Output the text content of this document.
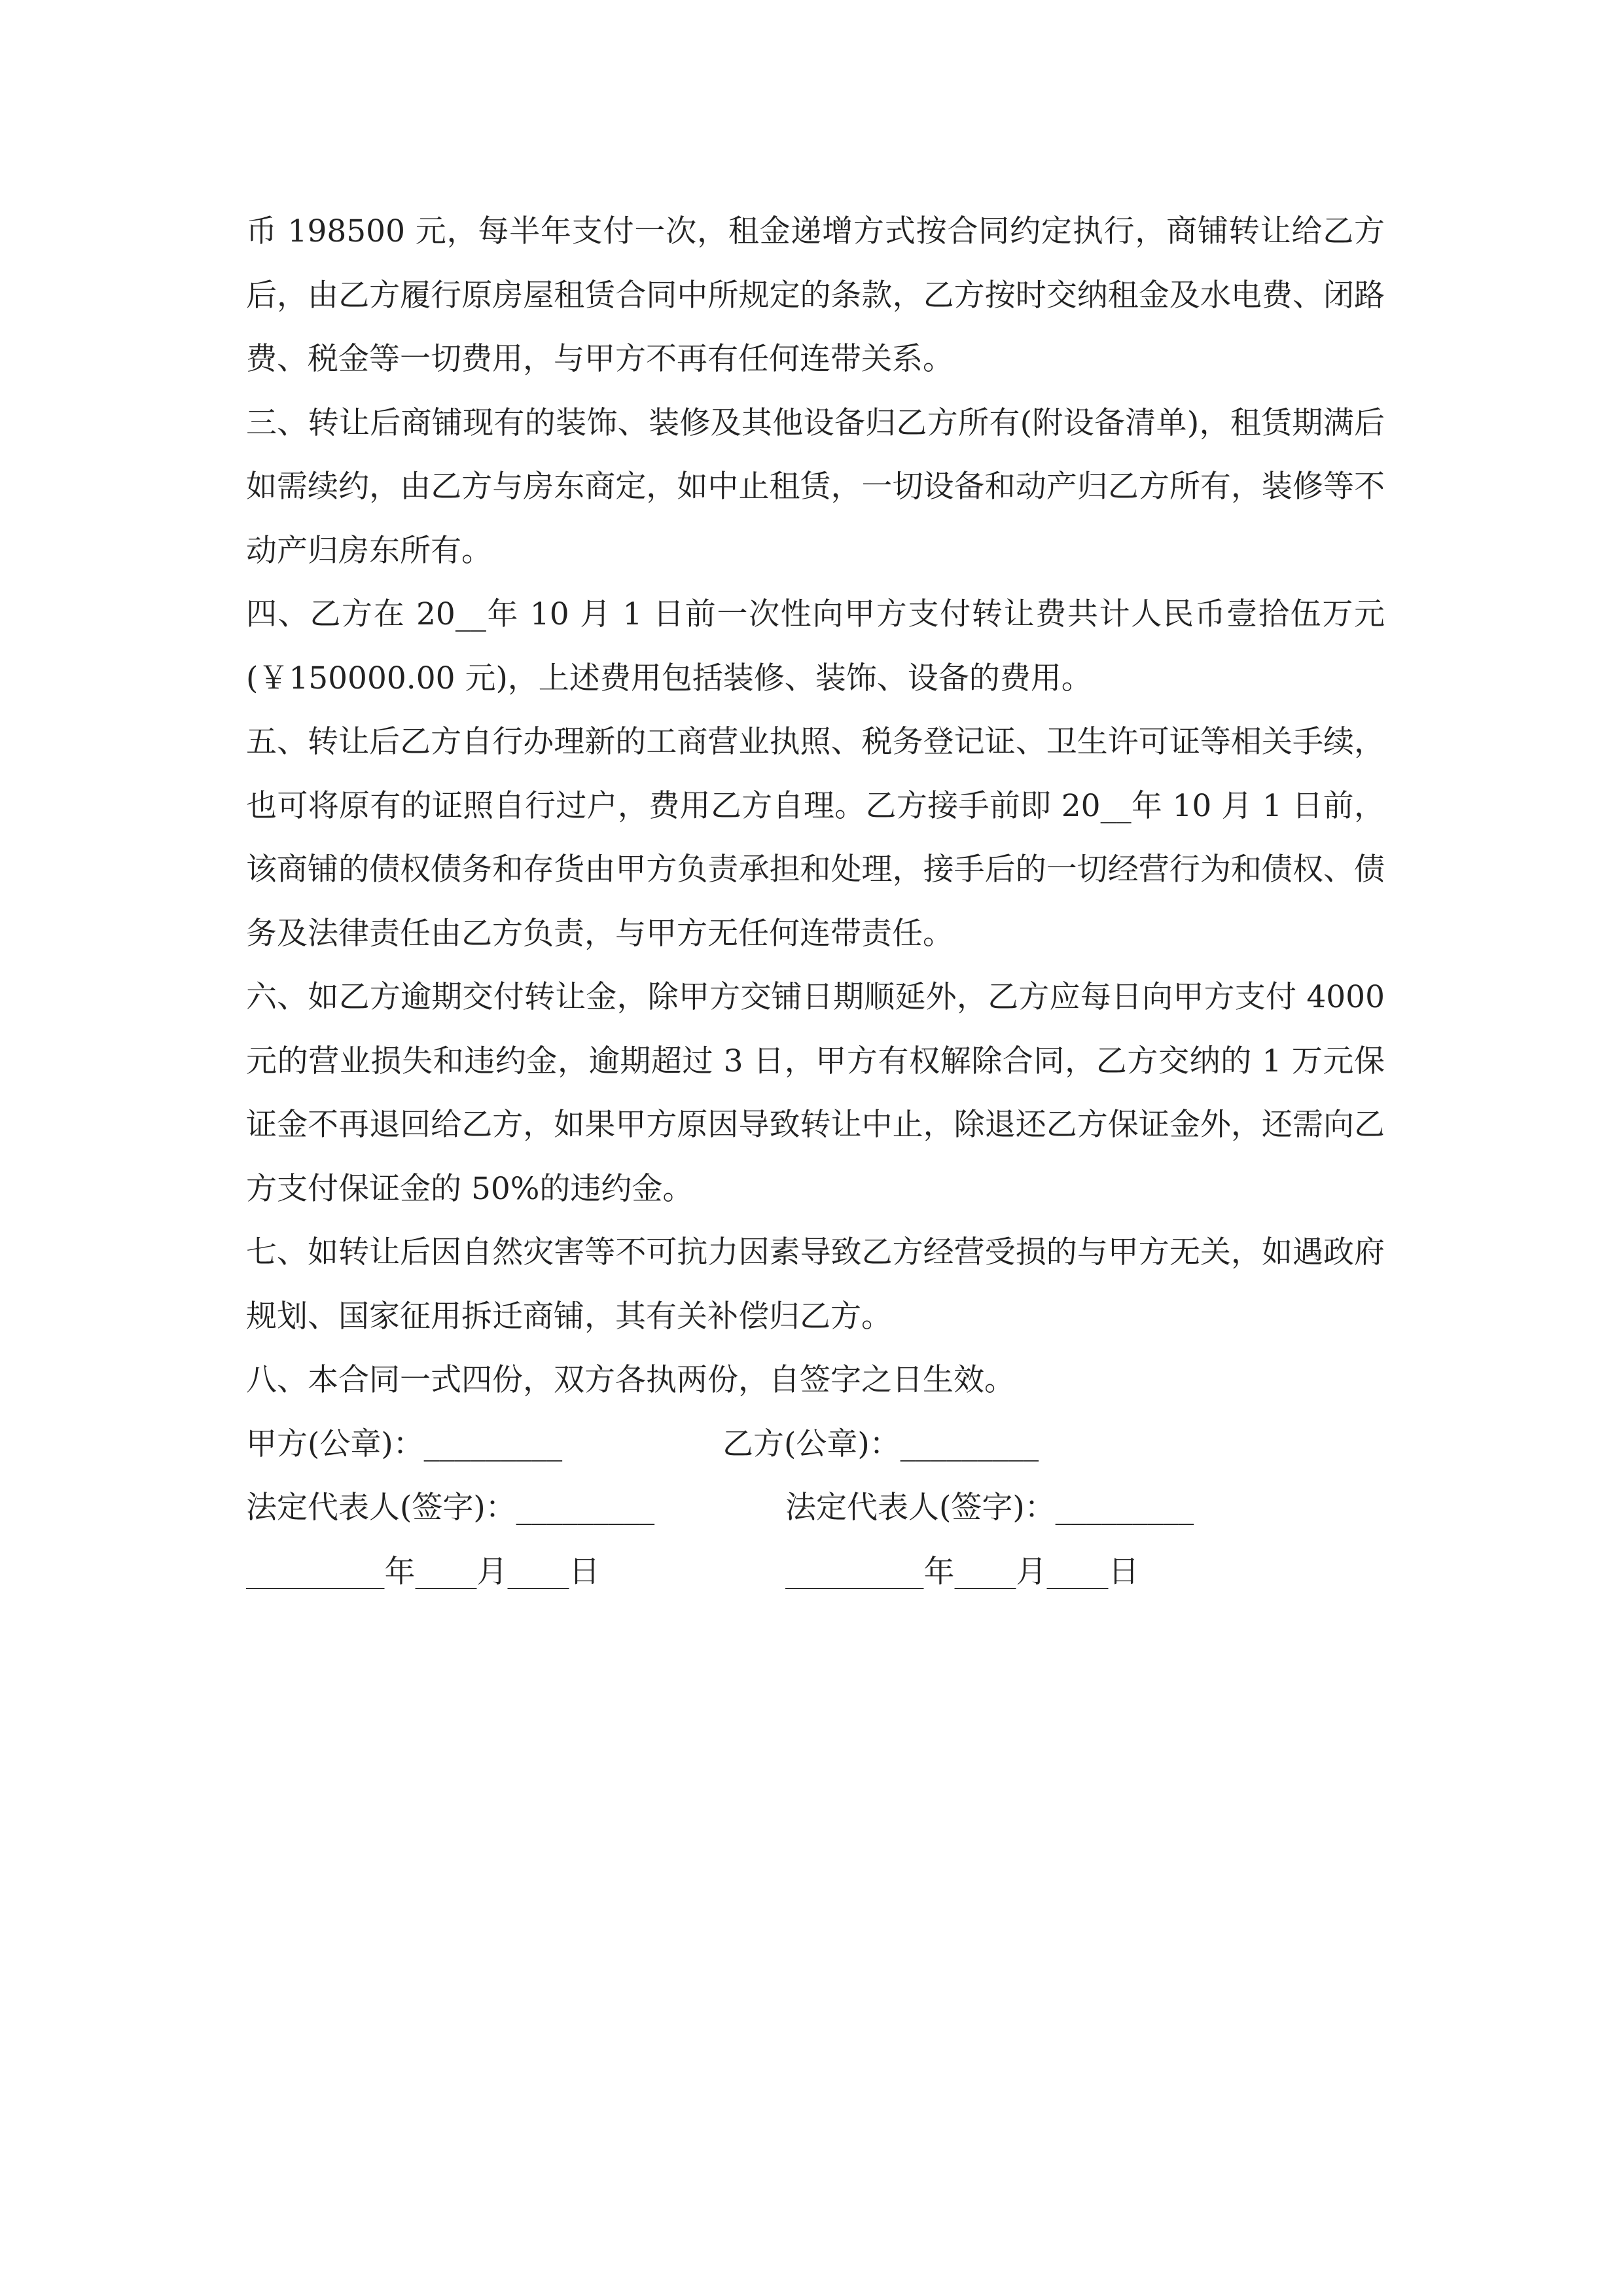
币 198500 元，每半年支付一次，租金递增方式按合同约定执行，商铺转让给乙方后，由乙方履行原房屋租赁合同中所规定的条款，乙方按时交纳租金及水电费、闭路费、税金等一切费用，与甲方不再有任何连带关系。

三、转让后商铺现有的装饰、装修及其他设备归乙方所有(附设备清单)，租赁期满后如需续约，由乙方与房东商定，如中止租赁，一切设备和动产归乙方所有，装修等不动产归房东所有。

四、乙方在 20__年 10 月 1 日前一次性向甲方支付转让费共计人民币壹拾伍万元(￥150000.00 元)，上述费用包括装修、装饰、设备的费用。

五、转让后乙方自行办理新的工商营业执照、税务登记证、卫生许可证等相关手续，也可将原有的证照自行过户，费用乙方自理。乙方接手前即 20__年 10 月 1 日前，该商铺的债权债务和存货由甲方负责承担和处理，接手后的一切经营行为和债权、债务及法律责任由乙方负责，与甲方无任何连带责任。

六、如乙方逾期交付转让金，除甲方交铺日期顺延外，乙方应每日向甲方支付 4000 元的营业损失和违约金，逾期超过 3 日，甲方有权解除合同，乙方交纳的 1 万元保证金不再退回给乙方，如果甲方原因导致转让中止，除退还乙方保证金外，还需向乙方支付保证金的 50%的违约金。

七、如转让后因自然灾害等不可抗力因素导致乙方经营受损的与甲方无关，如遇政府规划、国家征用拆迁商铺，其有关补偿归乙方。

八、本合同一式四份，双方各执两份，自签字之日生效。

甲方(公章)：_________	乙方(公章)：_________
法定代表人(签字)：_________	法定代表人(签字)：_________
_________年____月____日	_________年____月____日
